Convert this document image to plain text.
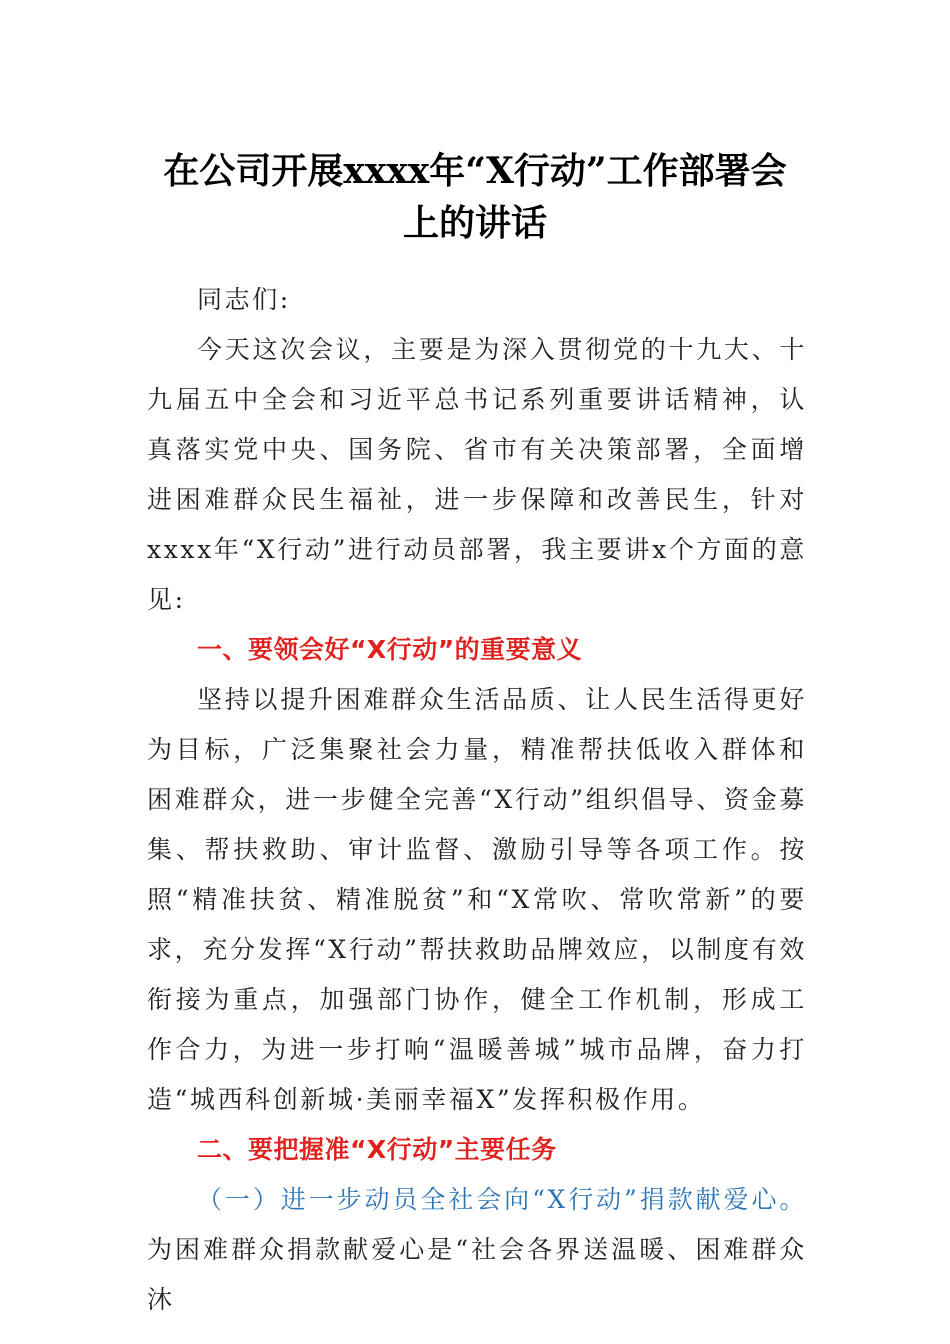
在公司开展xxxx年“X行动”工作部署会
上的讲话

同志们:

今天这次会议，主要是为深入贯彻党的十九大、十九届五中全会和习近平总书记系列重要讲话精神，认真落实党中央、国务院、省市有关决策部署，全面增进困难群众民生福祉，进一步保障和改善民生，针对xxxx年“X行动”进行动员部署，我主要讲x个方面的意见:

一、要领会好“X行动”的重要意义

坚持以提升困难群众生活品质、让人民生活得更好为目标，广泛集聚社会力量，精准帮扶低收入群体和困难群众，进一步健全完善“X行动”组织倡导、资金募集、帮扶救助、审计监督、激励引导等各项工作。按照“精准扶贫、精准脱贫”和“X常吹、常吹常新”的要求，充分发挥“X行动”帮扶救助品牌效应，以制度有效衔接为重点，加强部门协作，健全工作机制，形成工作合力，为进一步打响“温暖善城”城市品牌，奋力打造“城西科创新城·美丽幸福X”发挥积极作用。

二、要把握准“X行动”主要任务

（一）进一步动员全社会向“X行动”捐款献爱心。为困难群众捐款献爱心是“社会各界送温暖、困难群众沐
